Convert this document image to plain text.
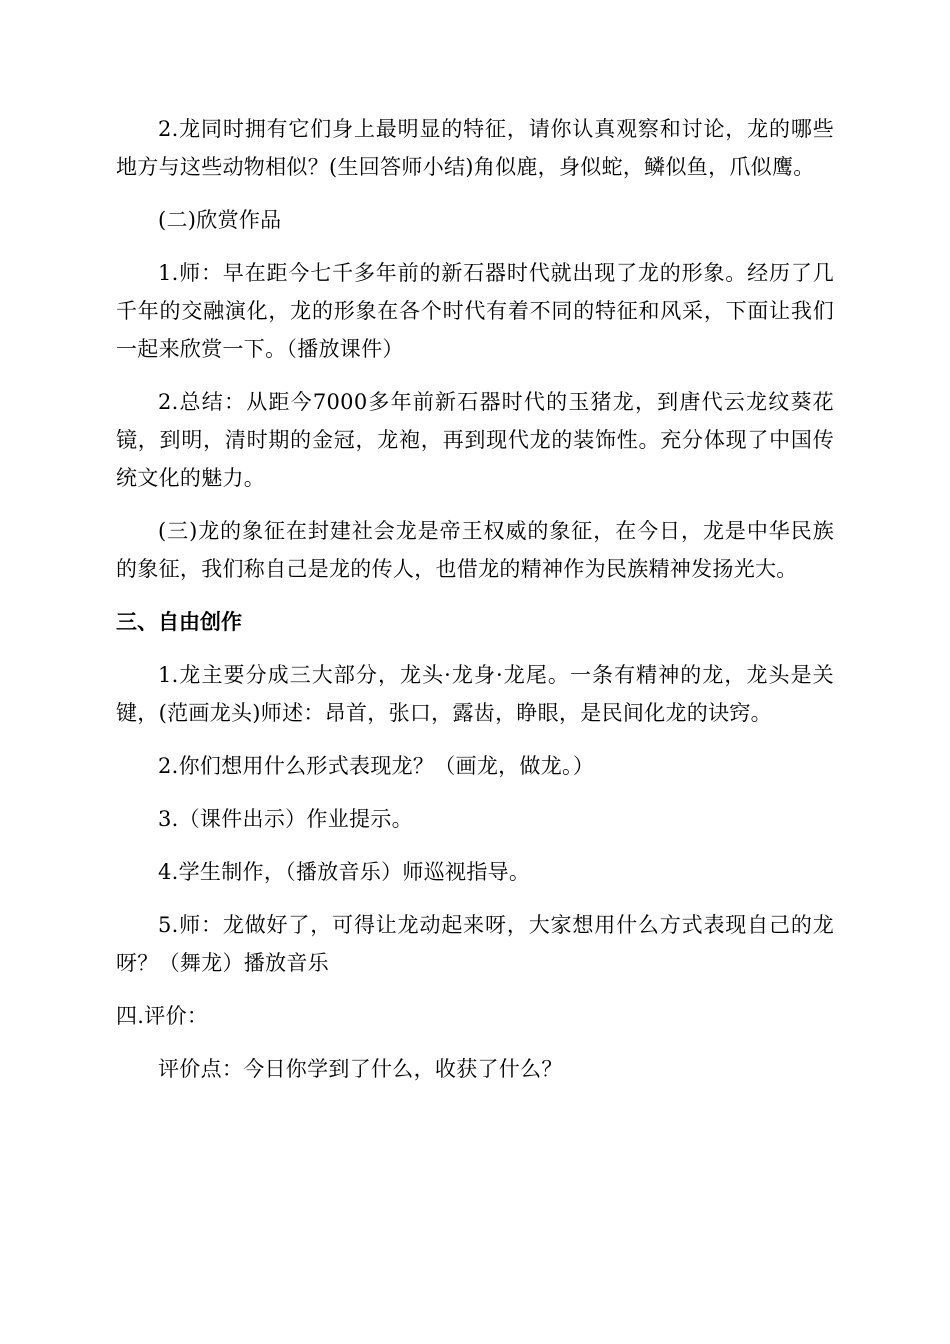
2.龙同时拥有它们身上最明显的特征，请你认真观察和讨论，龙的哪些地方与这些动物相似？(生回答师小结)角似鹿，身似蛇，鳞似鱼，爪似鹰。

(二)欣赏作品

1.师：早在距今七千多年前的新石器时代就出现了龙的形象。经历了几千年的交融演化，龙的形象在各个时代有着不同的特征和风采，下面让我们一起来欣赏一下。（播放课件）

2.总结：从距今7000多年前新石器时代的玉猪龙，到唐代云龙纹葵花镜，到明，清时期的金冠，龙袍，再到现代龙的装饰性。充分体现了中国传统文化的魅力。

(三)龙的象征在封建社会龙是帝王权威的象征，在今日，龙是中华民族的象征，我们称自己是龙的传人，也借龙的精神作为民族精神发扬光大。

三、自由创作

1.龙主要分成三大部分，龙头·龙身·龙尾。一条有精神的龙，龙头是关键，(范画龙头)师述：昂首，张口，露齿，睁眼，是民间化龙的诀窍。

2.你们想用什么形式表现龙？（画龙，做龙。）

3.（课件出示）作业提示。

4.学生制作，（播放音乐）师巡视指导。

5.师：龙做好了，可得让龙动起来呀，大家想用什么方式表现自己的龙呀？（舞龙）播放音乐

四.评价：

评价点：今日你学到了什么，收获了什么？
